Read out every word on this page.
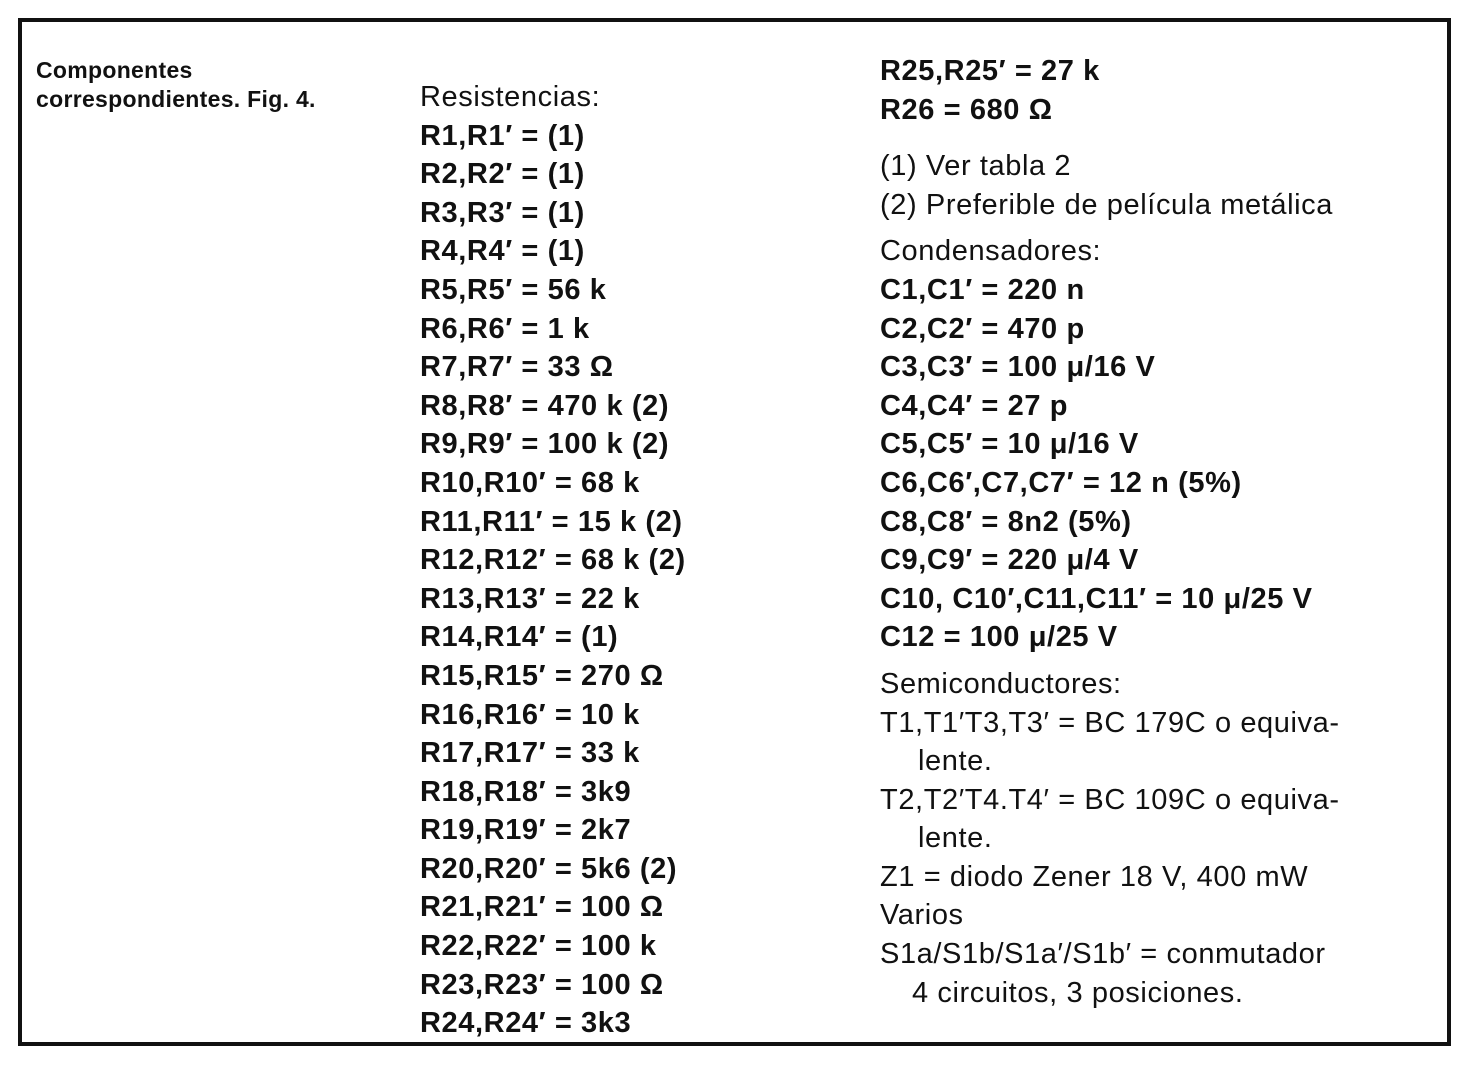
Componentes
correspondientes. Fig. 4.	Resistencias:
R1,R1′ = (1)
R2,R2′ = (1)
R3,R3′ = (1)
R4,R4′ = (1)
R5,R5′ = 56 k
R6,R6′ = 1 k
R7,R7′ = 33 Ω
R8,R8′ = 470 k (2)
R9,R9′ = 100 k (2)
R10,R10′ = 68 k
R11,R11′ = 15 k (2)
R12,R12′ = 68 k (2)
R13,R13′ = 22 k
R14,R14′ = (1)
R15,R15′ = 270 Ω
R16,R16′ = 10 k
R17,R17′ = 33 k
R18,R18′ = 3k9
R19,R19′ = 2k7
R20,R20′ = 5k6 (2)
R21,R21′ = 100 Ω
R22,R22′ = 100 k
R23,R23′ = 100 Ω
R24,R24′ = 3k3
R25,R25′ = 27 k
R26 = 680 Ω
(1) Ver tabla 2
(2) Preferible de película metálica
Condensadores:
C1,C1′ = 220 n
C2,C2′ = 470 p
C3,C3′ = 100 μ/16 V
C4,C4′ = 27 p
C5,C5′ = 10 μ/16 V
C6,C6′,C7,C7′ = 12 n (5%)
C8,C8′ = 8n2 (5%)
C9,C9′ = 220 μ/4 V
C10, C10′,C11,C11′ = 10 μ/25 V
C12 = 100 μ/25 V
Semiconductores:
T1,T1′T3,T3′ = BC 179C o equiva-
lente.
T2,T2′T4.T4′ = BC 109C o equiva-
lente.
Z1 = diodo Zener 18 V, 400 mW
Varios
S1a/S1b/S1a′/S1b′ = conmutador
4 circuitos, 3 posiciones.
